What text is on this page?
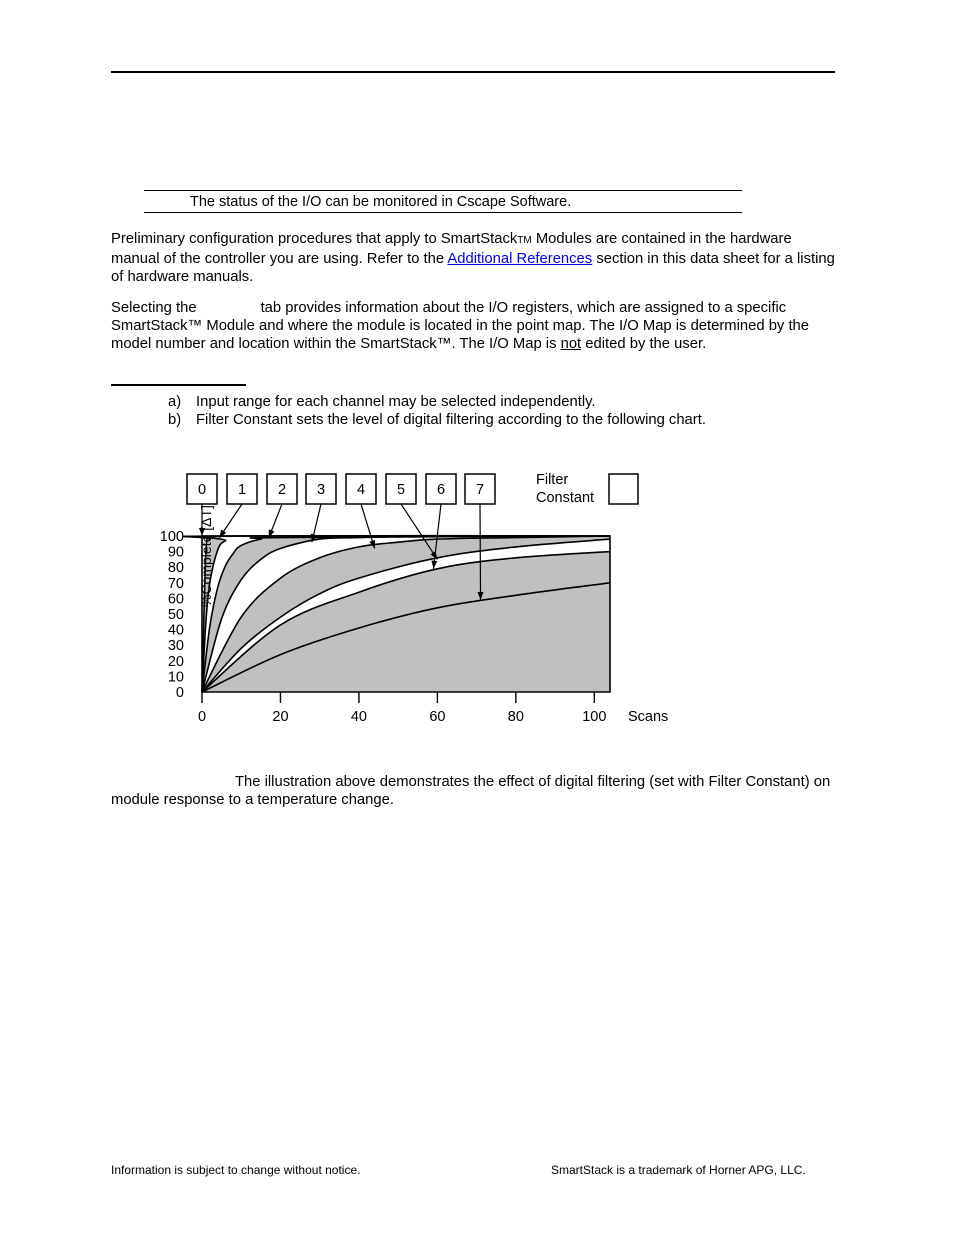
The status of the I/O can be monitored in Cscape Software.

Preliminary configuration procedures that apply to SmartStackTM Modules are contained in the hardware manual of the controller you are using. Refer to the Additional References section in this data sheet for a listing of hardware manuals.

Selecting the	tab provides information about the I/O registers, which are assigned to a specific SmartStack™ Module and where the module is located in the point map. The I/O Map is determined by the model number and location within the SmartStack™. The I/O Map is not edited by the user.

a) Input range for each channel may be selected independently.
b) Filter Constant sets the level of digital filtering according to the following chart.
0	20	40	60	80	100
0
10
20
30
40
50
60
70
80
90
100
0 1 2 3 4 5 6 7
%Complete [ΔT]
Scans
Filter
Constant

The illustration above demonstrates the effect of digital filtering (set with Filter Constant) on module response to a temperature change.

Information is subject to change without notice.	SmartStack is a trademark of Horner APG, LLC.
